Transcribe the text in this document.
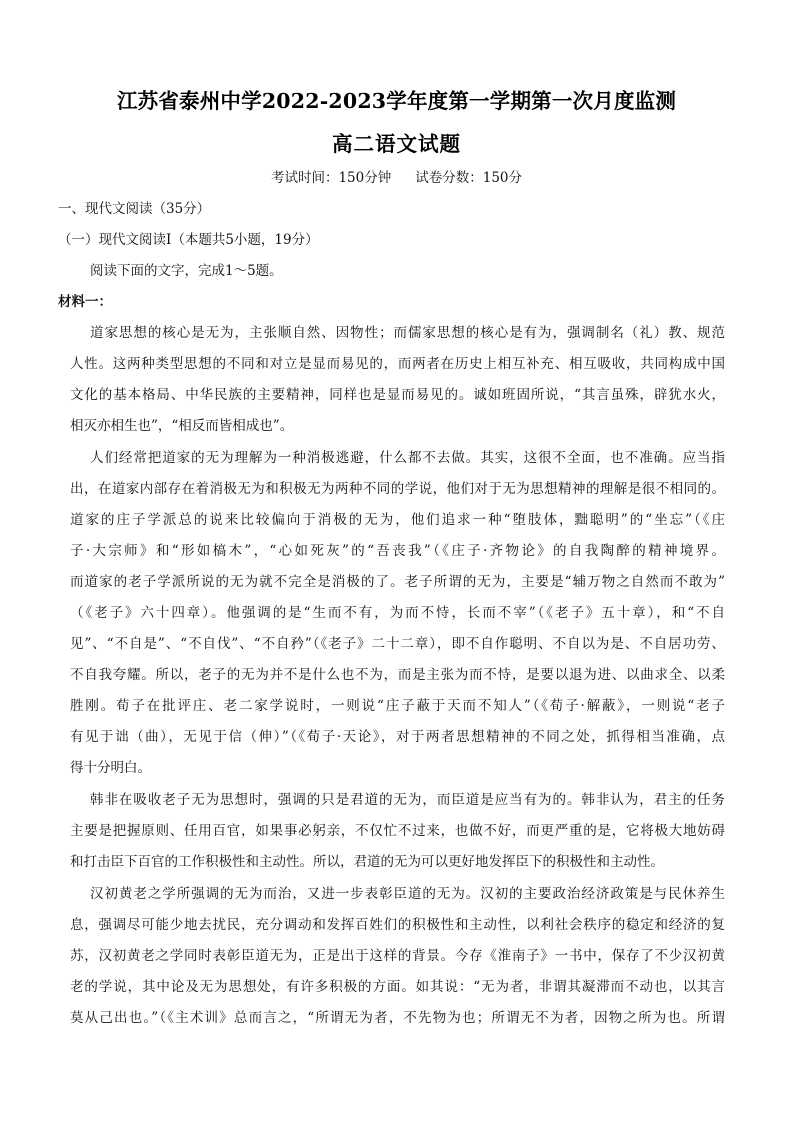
江苏省泰州中学2022-2023学年度第一学期第一次月度监测
高二语文试题
考试时间：150分钟 试卷分数：150分
一、现代文阅读（35分）
（一）现代文阅读Ⅰ（本题共5小题，19分）
阅读下面的文字，完成1～5题。
材料一：
道家思想的核心是无为，主张顺自然、因物性；而儒家思想的核心是有为，强调制名（礼）教、规范
人性。这两种类型思想的不同和对立是显而易见的，而两者在历史上相互补充、相互吸收，共同构成中国
文化的基本格局、中华民族的主要精神，同样也是显而易见的。诚如班固所说，“其言虽殊，辟犹水火，
相灭亦相生也”，“相反而皆相成也”。
人们经常把道家的无为理解为一种消极逃避，什么都不去做。其实，这很不全面，也不准确。应当指
出，在道家内部存在着消极无为和积极无为两种不同的学说，他们对于无为思想精神的理解是很不相同的。
道家的庄子学派总的说来比较偏向于消极的无为，他们追求一种“堕肢体，黜聪明”的“坐忘”（《庄
子·大宗师》和“形如槁木”，“心如死灰”的“吾丧我”（《庄子·齐物论》的自我陶醉的精神境界。
而道家的老子学派所说的无为就不完全是消极的了。老子所谓的无为，主要是“辅万物之自然而不敢为”
（《老子》六十四章）。他强调的是“生而不有，为而不恃，长而不宰”（《老子》五十章），和“不自
见”、“不自是”、“不自伐”、“不自矜”（《老子》二十二章），即不自作聪明、不自以为是、不自居功劳、
不自我夸耀。所以，老子的无为并不是什么也不为，而是主张为而不恃，是要以退为进、以曲求全、以柔
胜刚。荀子在批评庄、老二家学说时，一则说“庄子蔽于天而不知人”（《荀子·解蔽》，一则说“老子
有见于诎（曲），无见于信（伸）”（《荀子·天论》，对于两者思想精神的不同之处，抓得相当准确，点
得十分明白。
韩非在吸收老子无为思想时，强调的只是君道的无为，而臣道是应当有为的。韩非认为，君主的任务
主要是把握原则、任用百官，如果事必躬亲，不仅忙不过来，也做不好，而更严重的是，它将极大地妨碍
和打击臣下百官的工作积极性和主动性。所以，君道的无为可以更好地发挥臣下的积极性和主动性。
汉初黄老之学所强调的无为而治，又进一步表彰臣道的无为。汉初的主要政治经济政策是与民休养生
息，强调尽可能少地去扰民，充分调动和发挥百姓们的积极性和主动性，以利社会秩序的稳定和经济的复
苏，汉初黄老之学同时表彰臣道无为，正是出于这样的背景。今存《淮南子》一书中，保存了不少汉初黄
老的学说，其中论及无为思想处，有许多积极的方面。如其说：“无为者，非谓其凝滞而不动也，以其言
莫从己出也。”（《主术训》总而言之，“所谓无为者，不先物为也；所谓无不为者，因物之所为也。所谓
